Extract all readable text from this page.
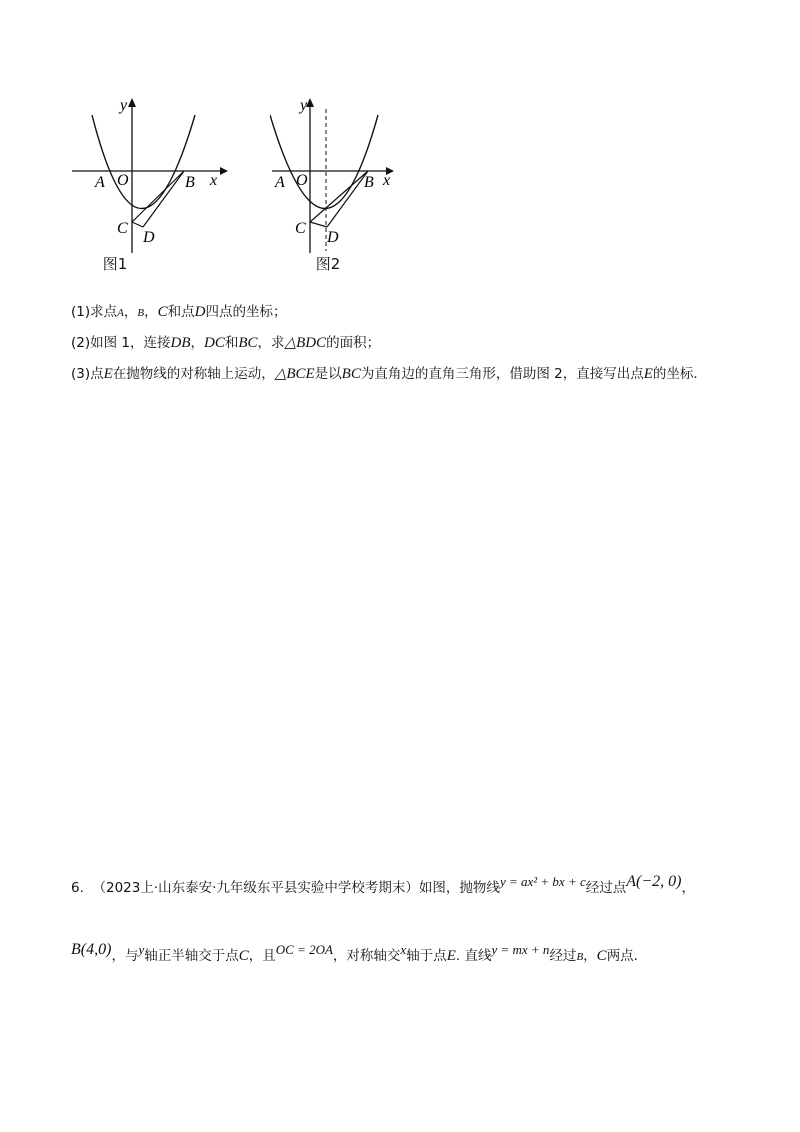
y
x
A O	B
C
D
图1
y
x
A O	B
C
D
图2
(1)求点A，B，C和点D四点的坐标；
(2)如图 1，连接DB，DC和BC，求△BDC的面积；
(3)点E在抛物线的对称轴上运动，△BCE是以BC为直角边的直角三角形，借助图 2，直接写出点E的坐标.
6. （2023上·山东泰安·九年级东平县实验中学校考期末）如图，抛物线y = ax² + bx + c经过点A(−2, 0)，
B(4,0)，与y轴正半轴交于点C，且OC = 2OA，对称轴交x轴于点E. 直线y = mx + n经过B，C两点.
